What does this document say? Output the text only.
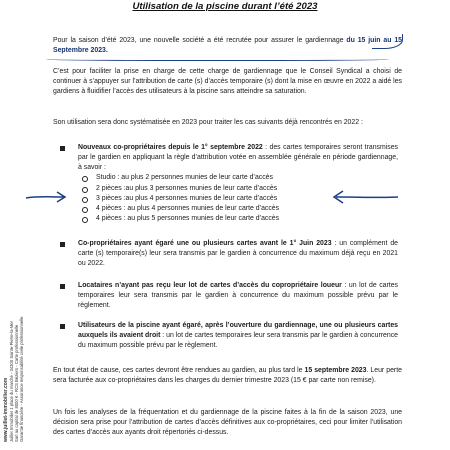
Utilisation de la piscine durant l’été 2023

Pour la saison d’été 2023, une nouvelle société a été recrutée pour assurer le gardiennage du 15 juin au 15 Septembre 2023.

C’est pour faciliter la prise en charge de cette charge de gardiennage que le Conseil Syndical a choisi de continuer à s’appuyer sur l’attribution de carte (s) d’accès temporaire (s) dont la mise en œuvre en 2022 a aidé les gardiens à fluidifier l’accès des utilisateurs à la piscine sans atteindre sa saturation.

Son utilisation sera donc systématisée en 2023 pour traiter les cas suivants déjà rencontrés en 2022 :

Nouveaux co-propriétaires depuis le 1° septembre 2022 : des cartes temporaires seront transmises par le gardien en appliquant la règle d’attribution votée en assemblée générale en période gardiennage, à savoir :
Studio : au plus 2 personnes munies de leur carte d’accès
2 pièces :au plus 3 personnes munies de leur carte d’accès
3 pièces :au plus 4 personnes munies de leur carte d’accès
4 pièces : au plus 4 personnes munies de leur carte d’accès
4 pièces : au plus 5 personnes munies de leur carte d’accès
Co-propriétaires ayant égaré une ou plusieurs cartes avant le 1° Juin 2023 : un complément de carte (s) temporaire(s) leur sera transmis par le gardien à concurrence du maximum déjà reçu en 2021 ou 2022.
Locataires n’ayant pas reçu leur lot de cartes d’accès du copropriétaire loueur : un lot de cartes temporaires leur sera transmis par le gardien à concurrence du maximum possible prévu par le règlement.
Utilisateurs de la piscine ayant égaré, après l’ouverture du gardiennage, une ou plusieurs cartes auxquels ils avaient droit : un lot de cartes temporaires leur sera transmis par le gardien à concurrence du maximum possible prévu par le règlement.

En tout état de cause, ces cartes devront être rendues au gardien, au plus tard le 15 septembre 2023. Leur perte sera facturée aux co-propriétaires dans les charges du dernier trimestre 2023 (15 € par carte non remise).

Un fois les analyses de la fréquentation et du gardiennage de la piscine faites à la fin de la saison 2023, une décision sera prise pour l’attribution de cartes d’accès définitives aux co-propriétaires, ceci pour limiter l’utilisation des cartes d’accès aux ayants droit répertoriés ci-dessus.

www.juillet-immobilier.com Juillet Immobilier 1 place du marché - 34300 Sainte-Pierre-la-Mer Sarl au capital de 8000 € - RCS Béziers - Carte professionnelle Garantie financière - Assurance responsabilité civile professionnelle
